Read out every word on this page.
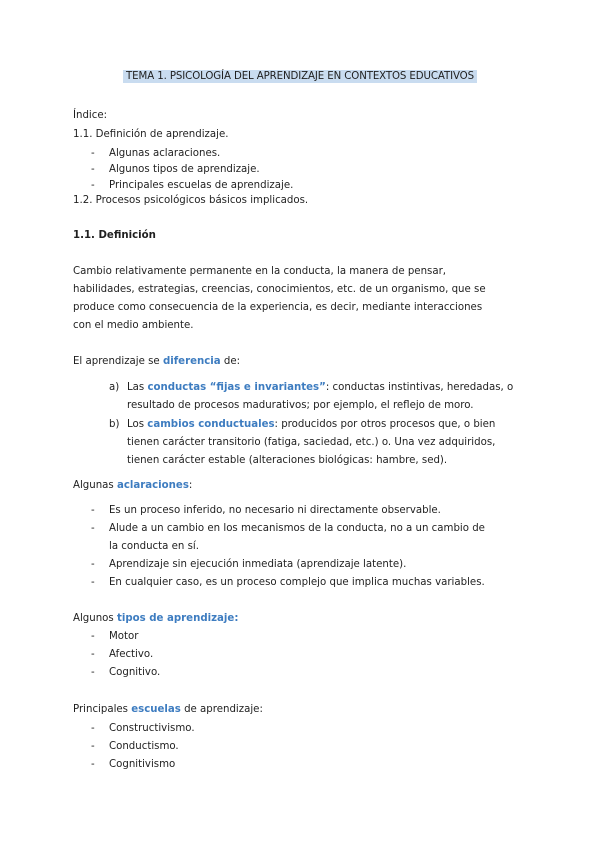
TEMA 1. PSICOLOGÍA DEL APRENDIZAJE EN CONTEXTOS EDUCATIVOS
Índice:
1.1. Definición de aprendizaje.
- Algunas aclaraciones.
- Algunos tipos de aprendizaje.
- Principales escuelas de aprendizaje.
1.2. Procesos psicológicos básicos implicados.
1.1. Definición
Cambio relativamente permanente en la conducta, la manera de pensar,
habilidades, estrategias, creencias, conocimientos, etc. de un organismo, que se
produce como consecuencia de la experiencia, es decir, mediante interacciones
con el medio ambiente.
El aprendizaje se diferencia de:
a) Las conductas “fijas e invariantes”: conductas instintivas, heredadas, o
resultado de procesos madurativos; por ejemplo, el reflejo de moro.
b) Los cambios conductuales: producidos por otros procesos que, o bien
tienen carácter transitorio (fatiga, saciedad, etc.) o. Una vez adquiridos,
tienen carácter estable (alteraciones biológicas: hambre, sed).
Algunas aclaraciones:
- Es un proceso inferido, no necesario ni directamente observable.
- Alude a un cambio en los mecanismos de la conducta, no a un cambio de
la conducta en sí.
- Aprendizaje sin ejecución inmediata (aprendizaje latente).
- En cualquier caso, es un proceso complejo que implica muchas variables.
Algunos tipos de aprendizaje:
- Motor
- Afectivo.
- Cognitivo.
Principales escuelas de aprendizaje:
- Constructivismo.
- Conductismo.
- Cognitivismo
